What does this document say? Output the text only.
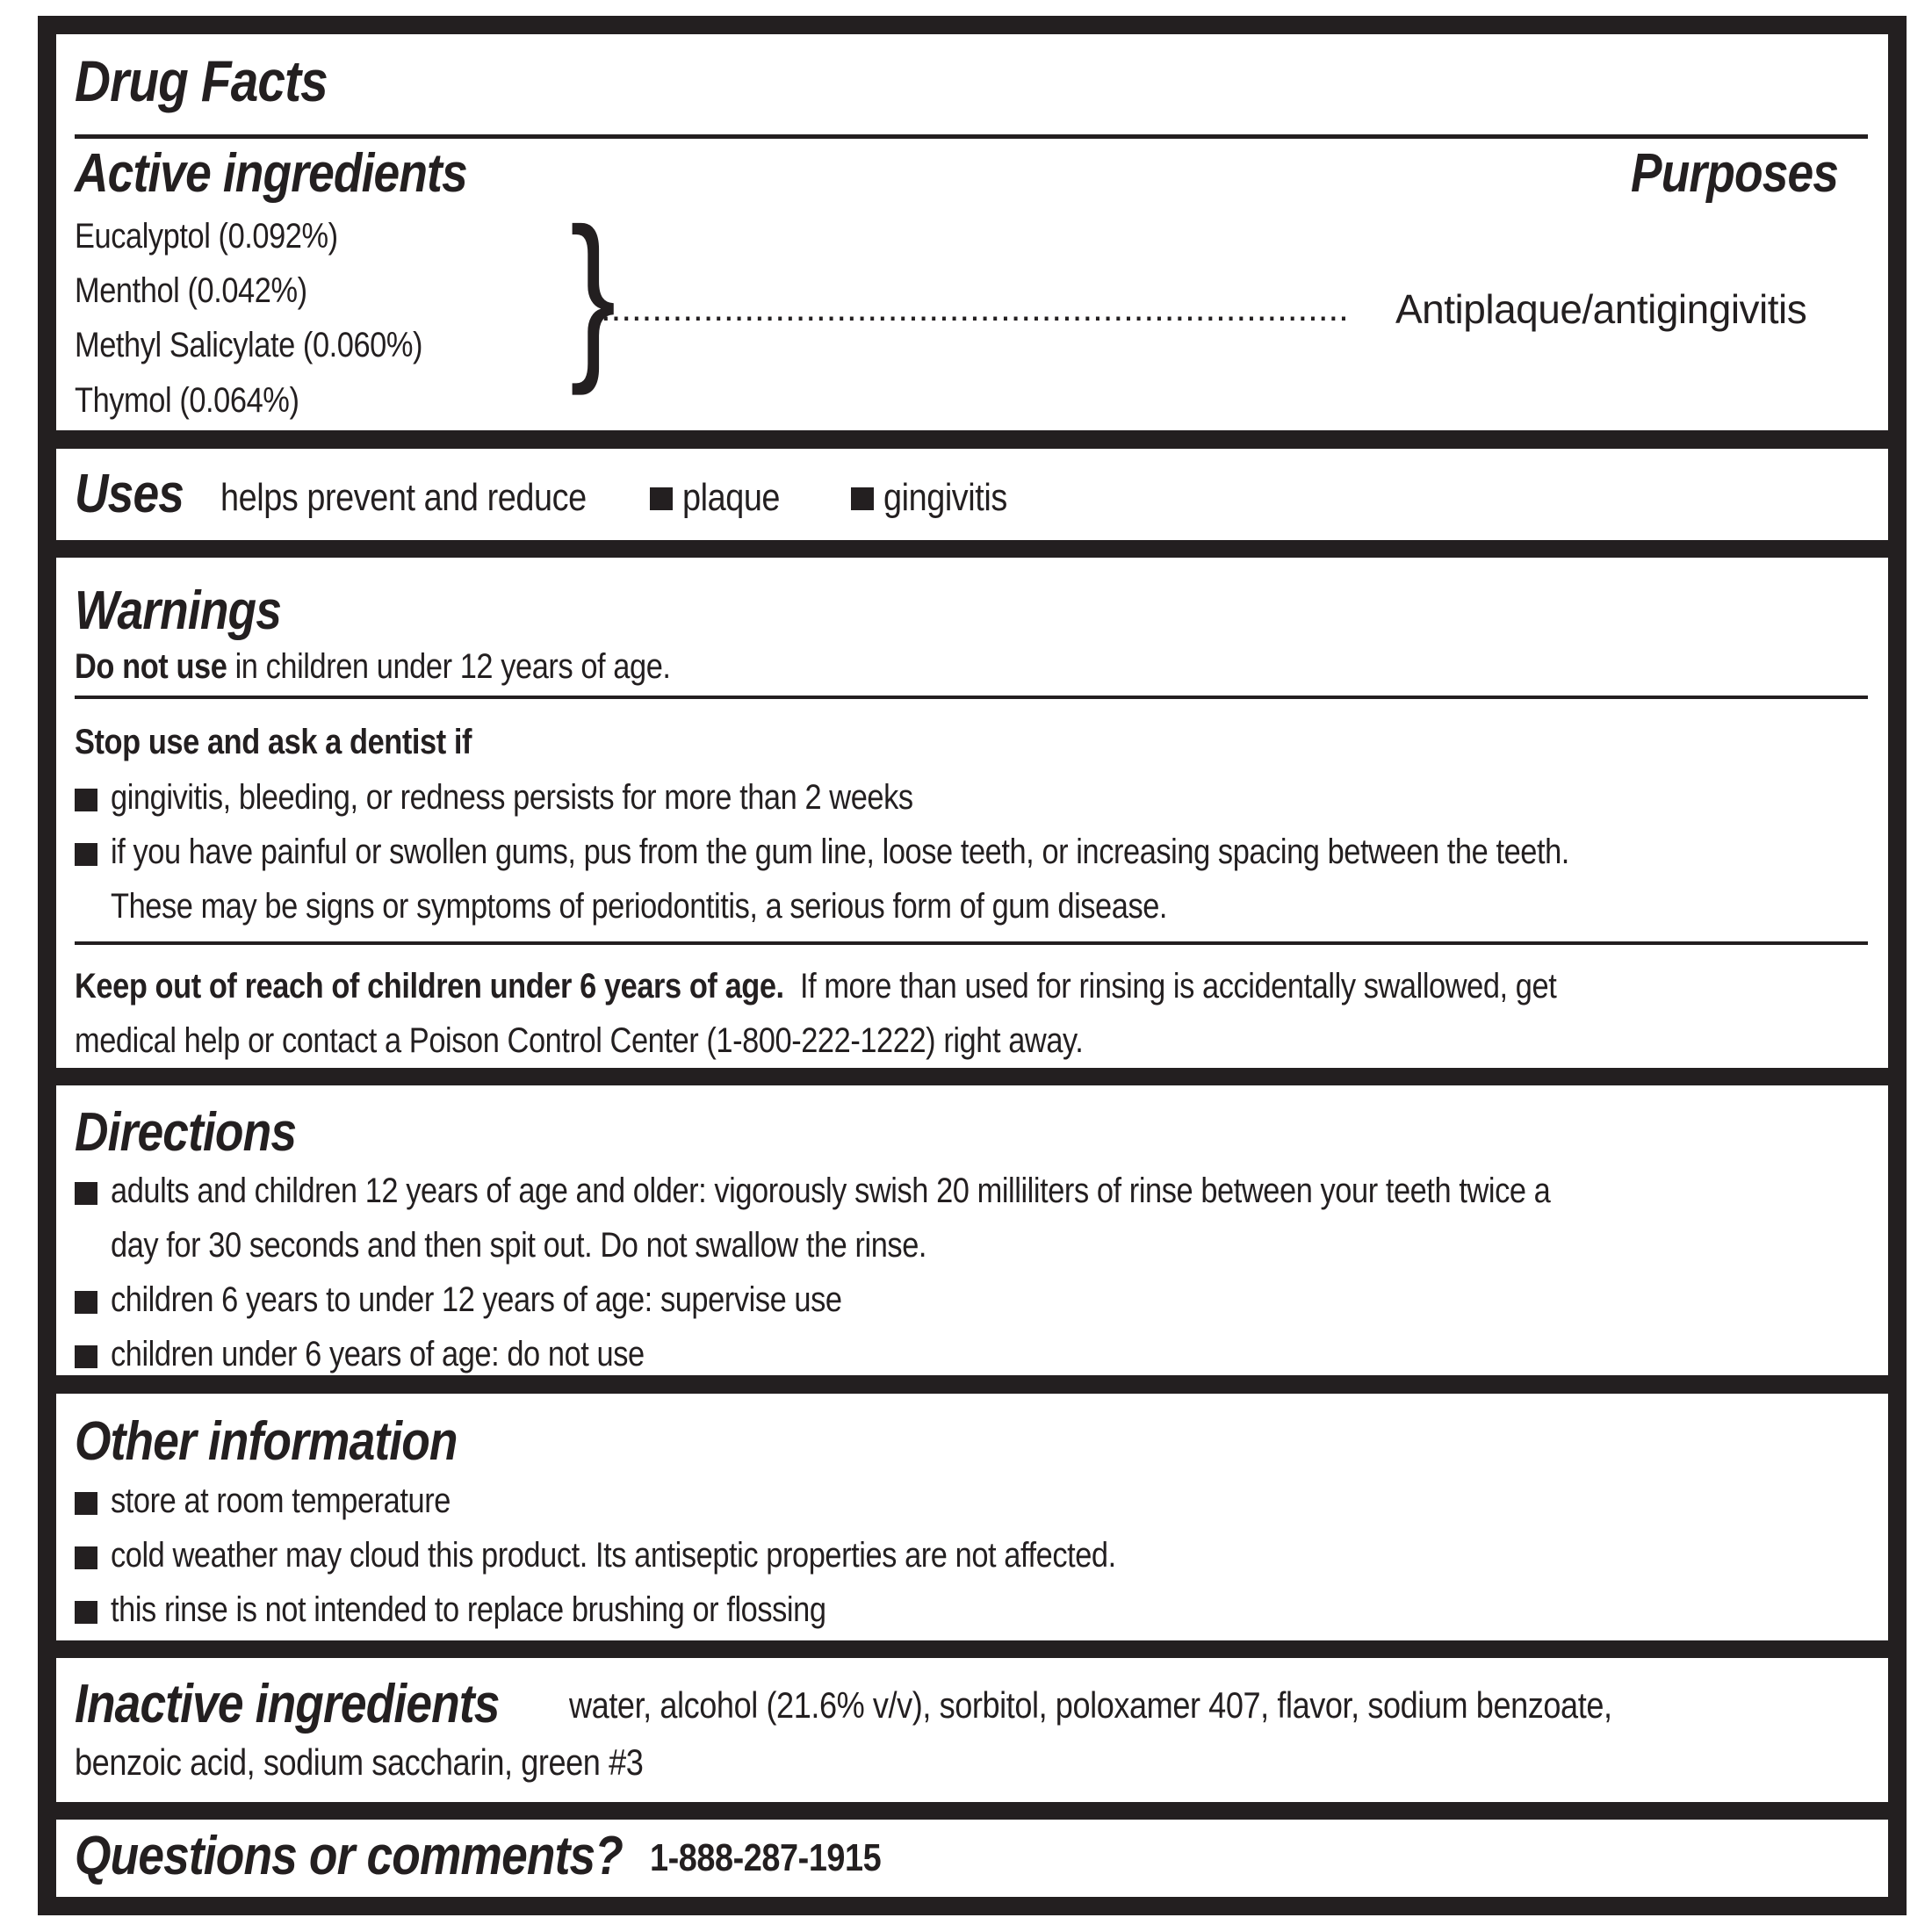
Drug Facts
Active ingredients	Purposes
Eucalyptol (0.092%)
Menthol (0.042%)
Methyl Salicylate (0.060%)
Thymol (0.064%)
}
......................................................................... Antiplaque/antigingivitis
Uses helps prevent and reduce plaque	gingivitis
Warnings
Do not use in children under 12 years of age.
Stop use and ask a dentist if
gingivitis, bleeding, or redness persists for more than 2 weeks
if you have painful or swollen gums, pus from the gum line, loose teeth, or increasing spacing between the teeth.
These may be signs or symptoms of periodontitis, a serious form of gum disease.
Keep out of reach of children under 6 years of age.  If more than used for rinsing is accidentally swallowed, get
medical help or contact a Poison Control Center (1-800-222-1222) right away.
Directions
adults and children 12 years of age and older: vigorously swish 20 milliliters of rinse between your teeth twice a
day for 30 seconds and then spit out. Do not swallow the rinse.
children 6 years to under 12 years of age: supervise use
children under 6 years of age: do not use
Other information
store at room temperature
cold weather may cloud this product. Its antiseptic properties are not affected.
this rinse is not intended to replace brushing or flossing
Inactive ingredients water, alcohol (21.6% v/v), sorbitol, poloxamer 407, flavor, sodium benzoate,
benzoic acid, sodium saccharin, green #3
Questions or comments? 1-888-287-1915
